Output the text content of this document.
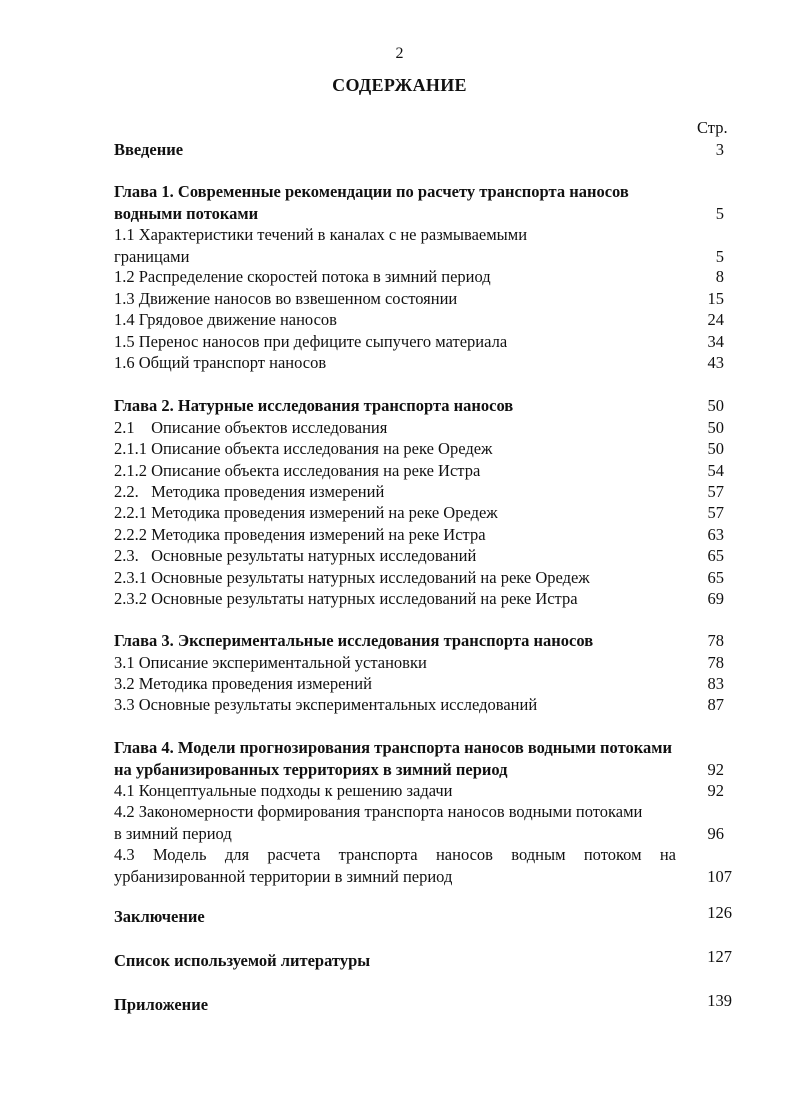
2
СОДЕРЖАНИЕ
Стр.
Введение	3
Глава 1. Современные рекомендации по расчету транспорта наносов водными потоками	5
1.1 Характеристики течений в каналах с не размываемыми границами	5
1.2 Распределение скоростей потока в зимний период	8
1.3 Движение наносов во взвешенном состоянии	15
1.4 Грядовое движение наносов	24
1.5 Перенос наносов при дефиците сыпучего материала	34
1.6 Общий транспорт наносов	43
Глава 2. Натурные исследования транспорта наносов	50
2.1    Описание объектов исследования	50
2.1.1 Описание объекта исследования на реке Оредеж	50
2.1.2 Описание объекта исследования на реке Истра	54
2.2.   Методика проведения измерений	57
2.2.1 Методика проведения измерений на реке Оредеж	57
2.2.2 Методика проведения измерений на реке Истра	63
2.3.   Основные результаты натурных исследований	65
2.3.1 Основные результаты натурных исследований на реке Оредеж	65
2.3.2 Основные результаты натурных исследований на реке Истра	69
Глава 3. Экспериментальные исследования транспорта наносов	78
3.1 Описание экспериментальной установки	78
3.2 Методика проведения измерений	83
3.3 Основные результаты экспериментальных исследований	87
Глава 4. Модели прогнозирования транспорта наносов водными потоками на урбанизированных территориях в зимний период	92
4.1 Концептуальные подходы к решению задачи	92
4.2 Закономерности формирования транспорта наносов водными потоками в зимний период	96
4.3 Модель для расчета транспорта наносов водным потоком на урбанизированной территории в зимний период	107
Заключение	126
Список используемой литературы	127
Приложение	139
